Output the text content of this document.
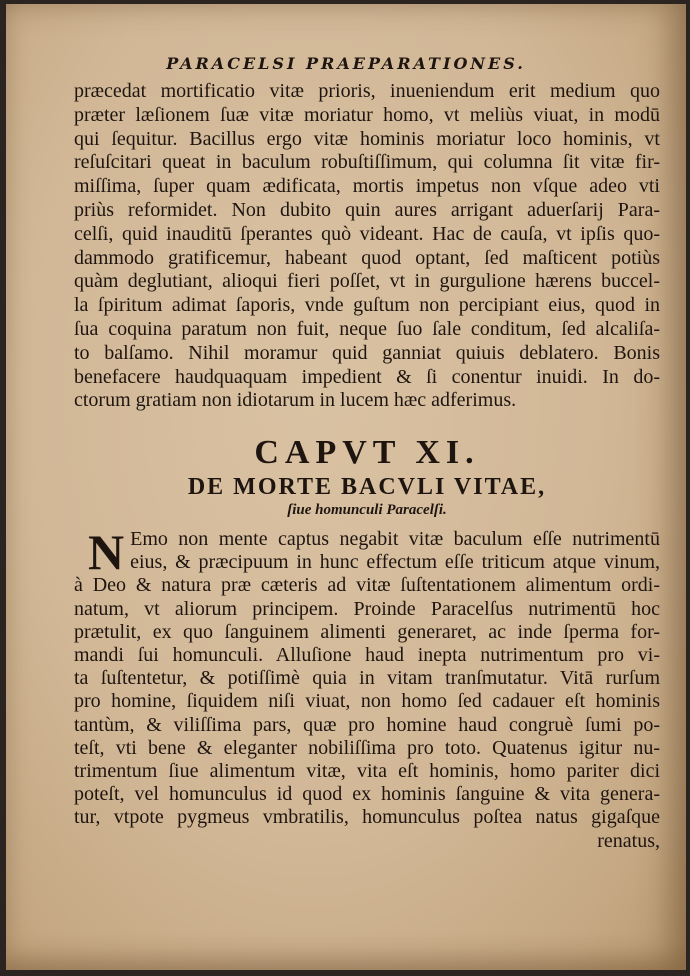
PARACELSI PRAEPARATIONES.
præcedat mortificatio vitæ prioris, inueniendum erit medium quo
præter læſionem ſuæ vitæ moriatur homo, vt meliùs viuat, in modū
qui ſequitur. Bacillus ergo vitæ hominis moriatur loco hominis, vt
reſuſcitari queat in baculum robuſtiſſimum, qui columna ſit vitæ fir-
miſſima, ſuper quam ædificata, mortis impetus non vſque adeo vti
priùs reformidet. Non dubito quin aures arrigant aduerſarij Para-
celſi, quid inauditū ſperantes quò videant. Hac de cauſa, vt ipſis quo-
dammodo gratificemur, habeant quod optant, ſed maſticent potiùs
quàm deglutiant, alioqui fieri poſſet, vt in gurgulione hærens buccel-
la ſpiritum adimat ſaporis, vnde guſtum non percipiant eius, quod in
ſua coquina paratum non fuit, neque ſuo ſale conditum, ſed alcaliſa-
to balſamo. Nihil moramur quid ganniat quiuis deblatero. Bonis
benefacere haudquaquam impedient & ſi conentur inuidi. In do-
ctorum gratiam non idiotarum in lucem hæc adferimus.
CAPVT XI.
DE MORTE BACVLI VITAE,
ſiue homunculi Paracelſi.
N Emo non mente captus negabit vitæ baculum eſſe nutrimentū
eius, & præcipuum in hunc effectum eſſe triticum atque vinum,
à Deo & natura præ cæteris ad vitæ ſuſtentationem alimentum ordi-
natum, vt aliorum principem. Proinde Paracelſus nutrimentū hoc
prætulit, ex quo ſanguinem alimenti generaret, ac inde ſperma for-
mandi ſui homunculi. Alluſione haud inepta nutrimentum pro vi-
ta ſuſtentetur, & potiſſimè quia in vitam tranſmutatur. Vitā rurſum
pro homine, ſiquidem niſi viuat, non homo ſed cadauer eſt hominis
tantùm, & viliſſima pars, quæ pro homine haud congruè ſumi po-
teſt, vti bene & eleganter nobiliſſima pro toto. Quatenus igitur nu-
trimentum ſiue alimentum vitæ, vita eſt hominis, homo pariter dici
poteſt, vel homunculus id quod ex hominis ſanguine & vita genera-
tur, vtpote pygmeus vmbratilis, homunculus poſtea natus gigaſque
renatus,
